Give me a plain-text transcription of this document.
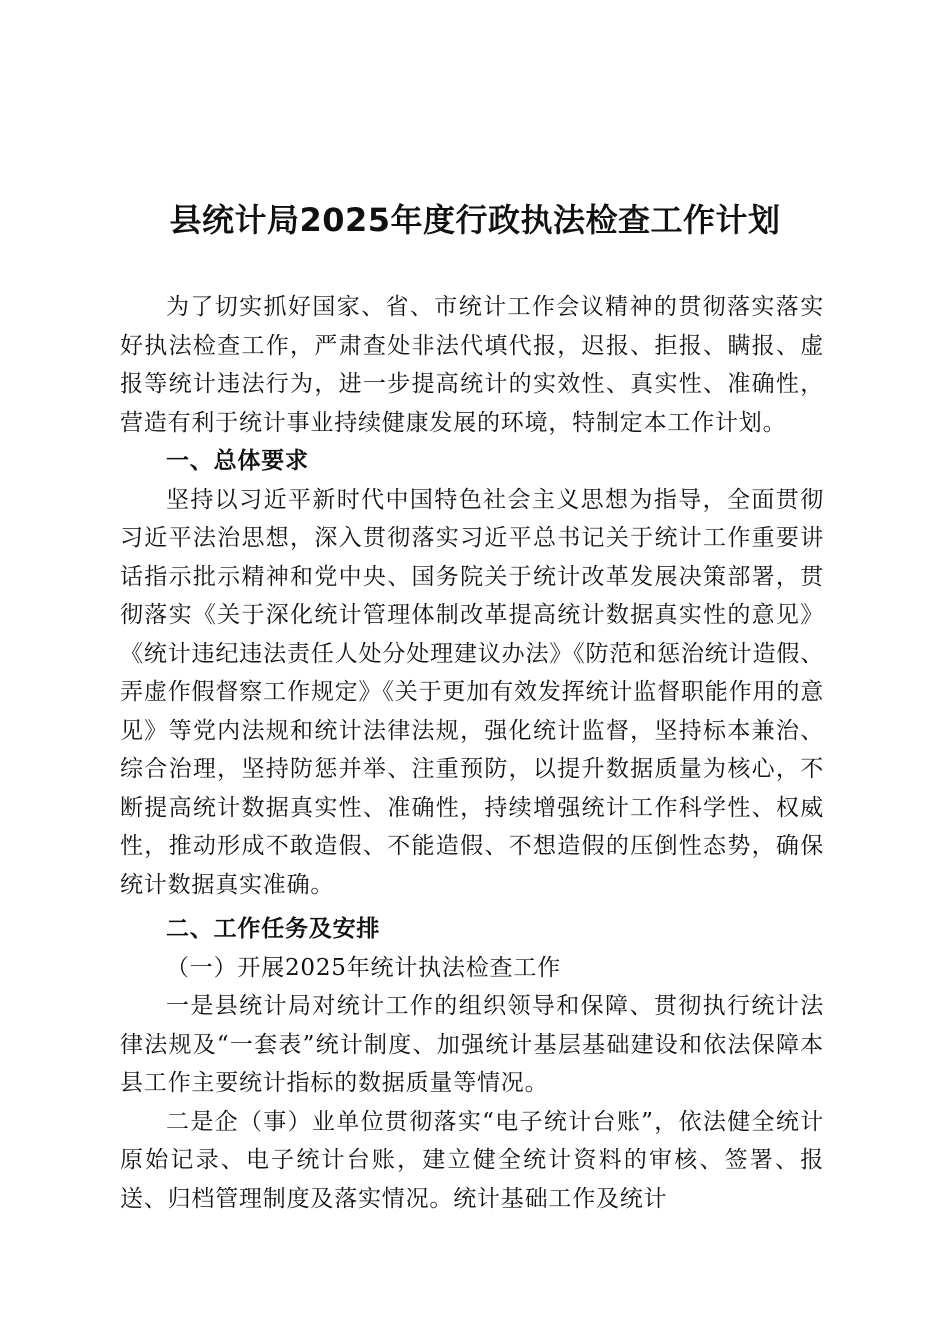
县统计局2025年度行政执法检查工作计划

为了切实抓好国家、省、市统计工作会议精神的贯彻落实落实好执法检查工作，严肃查处非法代填代报，迟报、拒报、瞒报、虚报等统计违法行为，进一步提高统计的实效性、真实性、准确性，营造有利于统计事业持续健康发展的环境，特制定本工作计划。

一、总体要求

坚持以习近平新时代中国特色社会主义思想为指导，全面贯彻习近平法治思想，深入贯彻落实习近平总书记关于统计工作重要讲话指示批示精神和党中央、国务院关于统计改革发展决策部署，贯彻落实《关于深化统计管理体制改革提高统计数据真实性的意见》《统计违纪违法责任人处分处理建议办法》《防范和惩治统计造假、弄虚作假督察工作规定》《关于更加有效发挥统计监督职能作用的意见》等党内法规和统计法律法规，强化统计监督，坚持标本兼治、综合治理，坚持防惩并举、注重预防，以提升数据质量为核心，不断提高统计数据真实性、准确性，持续增强统计工作科学性、权威性，推动形成不敢造假、不能造假、不想造假的压倒性态势，确保统计数据真实准确。

二、工作任务及安排

（一）开展2025年统计执法检查工作

一是县统计局对统计工作的组织领导和保障、贯彻执行统计法律法规及“一套表”统计制度、加强统计基层基础建设和依法保障本县工作主要统计指标的数据质量等情况。

二是企（事）业单位贯彻落实“电子统计台账”，依法健全统计原始记录、电子统计台账，建立健全统计资料的审核、签署、报送、归档管理制度及落实情况。统计基础工作及统计
